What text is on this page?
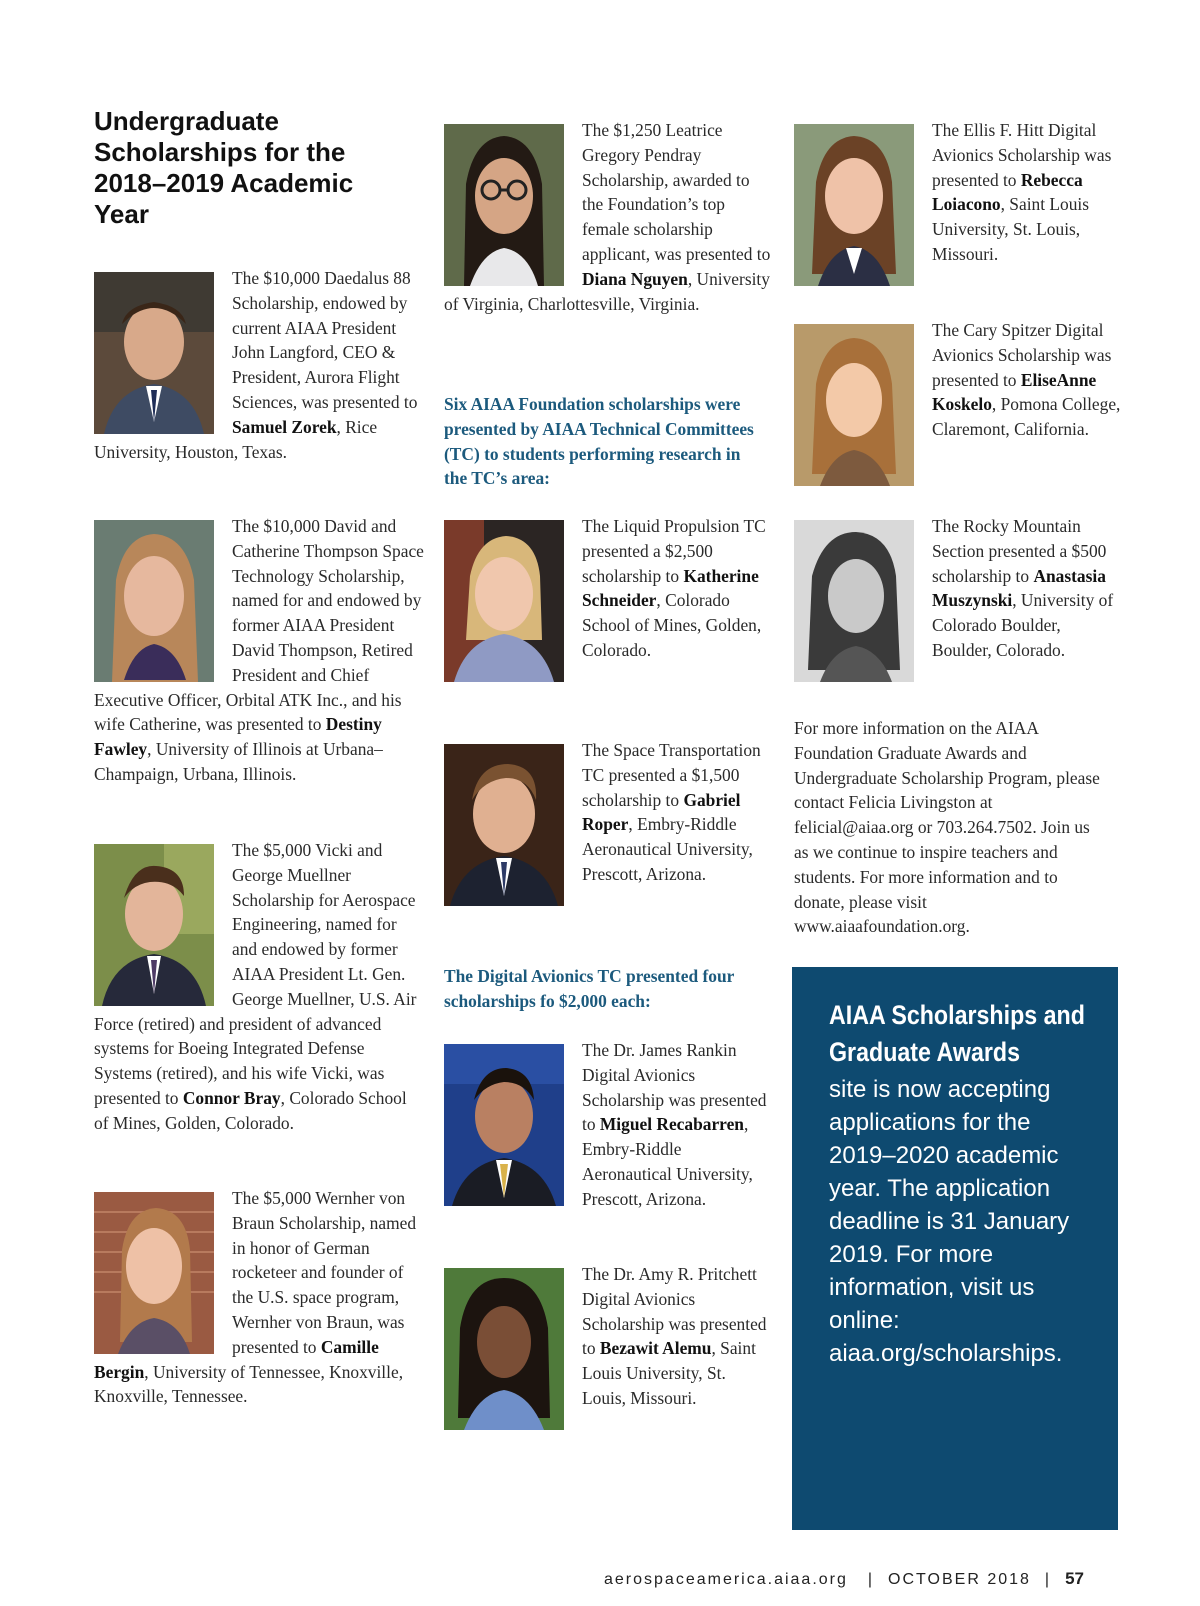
Undergraduate Scholarships for the 2018–2019 Academic Year

The $10,000 Daedalus 88 Scholarship, endowed by current AIAA President John Langford, CEO & President, Aurora Flight Sciences, was presented to Samuel Zorek, Rice University, Houston, Texas.

The $10,000 David and Catherine Thompson Space Technology Scholarship, named for and endowed by former AIAA President David Thompson, Retired President and Chief Executive Officer, Orbital ATK Inc., and his wife Catherine, was presented to Destiny Fawley, University of Illinois at Urbana–Champaign, Urbana, Illinois.

The $5,000 Vicki and George Muellner Scholarship for Aerospace Engineering, named for and endowed by former AIAA President Lt. Gen. George Muellner, U.S. Air Force (retired) and president of advanced systems for Boeing Integrated Defense Systems (retired), and his wife Vicki, was presented to Connor Bray, Colorado School of Mines, Golden, Colorado.

The $5,000 Wernher von Braun Scholarship, named in honor of German rocketeer and founder of the U.S. space program, Wernher von Braun, was presented to Camille Bergin, University of Tennessee, Knoxville, Knoxville, Tennessee.

The $1,250 Leatrice Gregory Pendray Scholarship, awarded to the Foundation’s top female scholarship applicant, was presented to Diana Nguyen, University of Virginia, Charlottesville, Virginia.

Six AIAA Foundation scholarships were presented by AIAA Technical Committees (TC) to students performing research in the TC’s area:

The Liquid Propulsion TC presented a $2,500 scholarship to Katherine Schneider, Colorado School of Mines, Golden, Colorado.

The Space Transportation TC presented a $1,500 scholarship to Gabriel Roper, Embry-Riddle Aeronautical University, Prescott, Arizona.

The Digital Avionics TC presented four scholarships fo $2,000 each:

The Dr. James Rankin Digital Avionics Scholarship was presented to Miguel Recabarren, Embry-Riddle Aeronautical University, Prescott, Arizona.

The Dr. Amy R. Pritchett Digital Avionics Scholarship was presented to Bezawit Alemu, Saint Louis University, St. Louis, Missouri.

The Ellis F. Hitt Digital Avionics Scholarship was presented to Rebecca Loiacono, Saint Louis University, St. Louis, Missouri.

The Cary Spitzer Digital Avionics Scholarship was presented to EliseAnne Koskelo, Pomona College, Claremont, California.

The Rocky Mountain Section presented a $500 scholarship to Anastasia Muszynski, University of Colorado Boulder, Boulder, Colorado.

For more information on the AIAA Foundation Graduate Awards and Undergraduate Scholarship Program, please contact Felicia Livingston at felicial@aiaa.org or 703.264.7502. Join us as we continue to inspire teachers and students. For more information and to donate, please visit www.aiaafoundation.org.

AIAA Scholarships and Graduate Awards

site is now accepting applications for the 2019–2020 academic year. The application deadline is 31 January 2019. For more information, visit us online: aiaa.org/scholarships.

aerospaceamerica.aiaa.org | OCTOBER 2018 | 57
